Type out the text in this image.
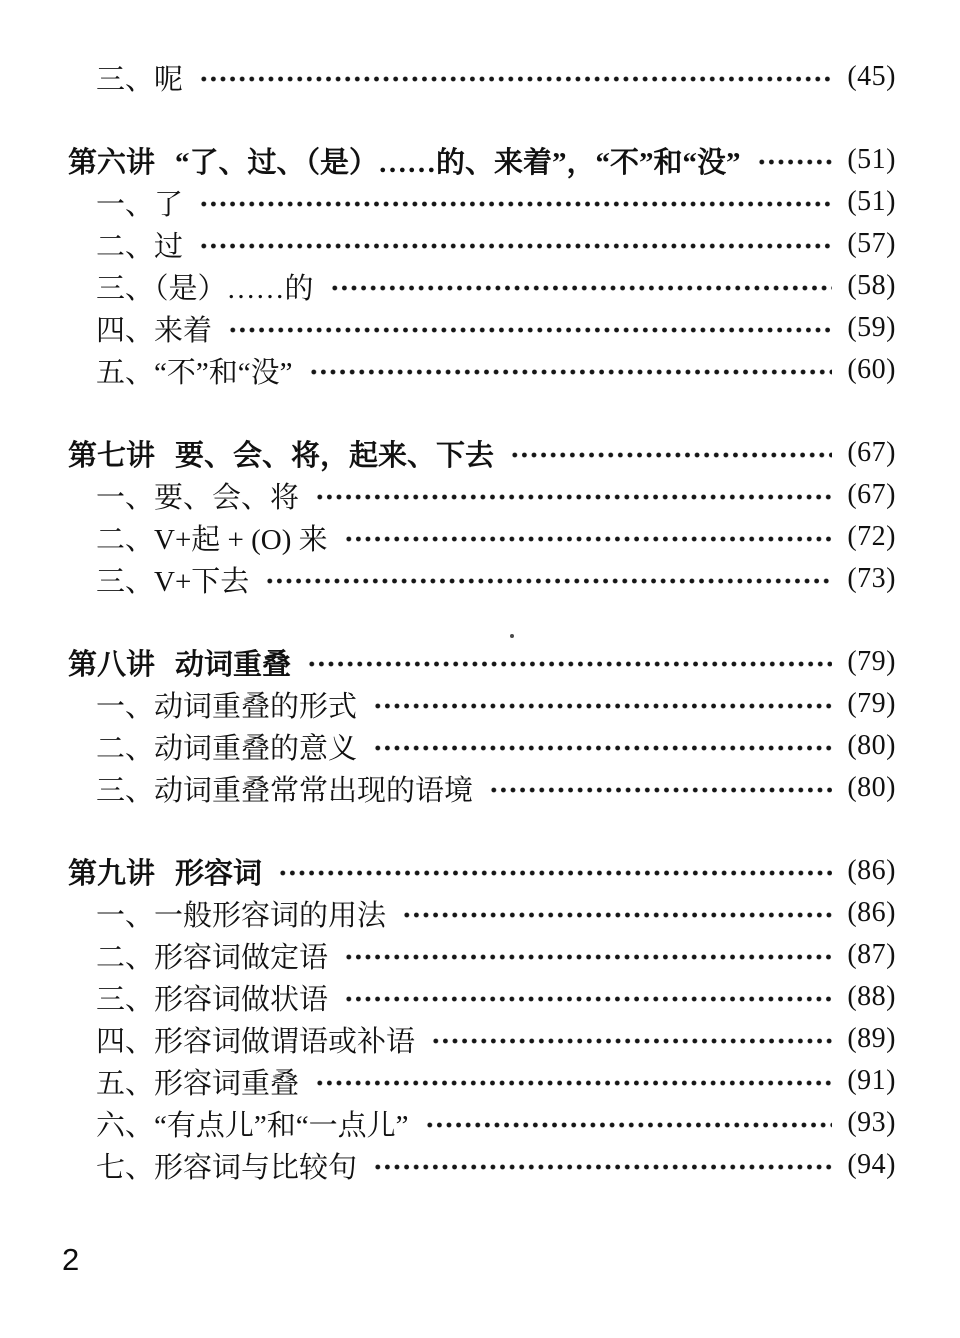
三、呢	(45)
第六讲 “了、过、（是）……的、来着”，“不”和“没”	(51)
一、了	(51)
二、过	(57)
三、（是）……的	(58)
四、来着	(59)
五、“不”和“没”	(60)
第七讲 要、会、将，起来、下去	(67)
一、要、会、将	(67)
二、V+起 + (O) 来	(72)
三、V+下去	(73)
第八讲 动词重叠	(79)
一、动词重叠的形式	(79)
二、动词重叠的意义	(80)
三、动词重叠常常出现的语境	(80)
第九讲 形容词	(86)
一、一般形容词的用法	(86)
二、形容词做定语	(87)
三、形容词做状语	(88)
四、形容词做谓语或补语	(89)
五、形容词重叠	(91)
六、“有点儿”和“一点儿”	(93)
七、形容词与比较句	(94)
2
